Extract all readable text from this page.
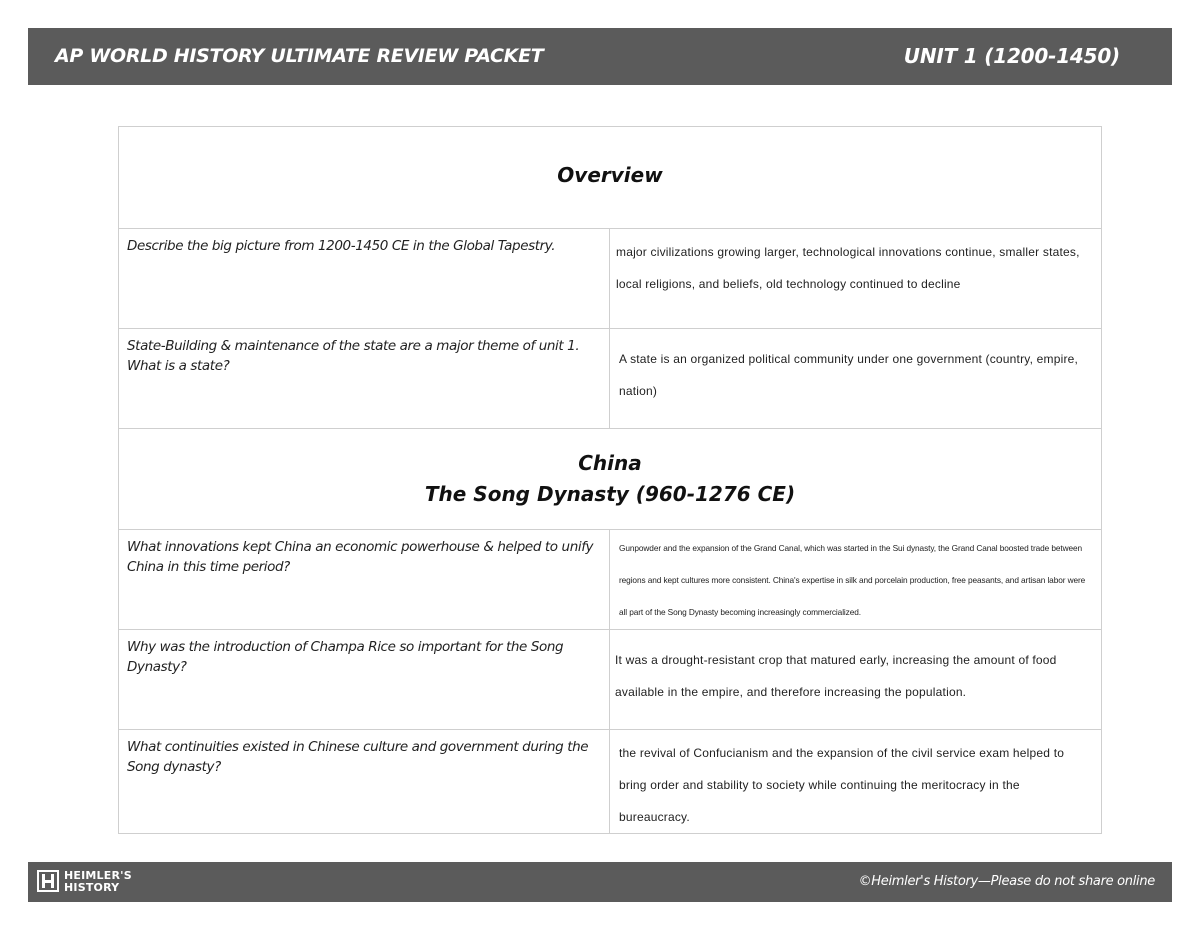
AP WORLD HISTORY ULTIMATE REVIEW PACKET	UNIT 1 (1200-1450)
Overview	

Describe the big picture from 1200-1450 CE in the Global Tapestry.	major civilizations growing larger, technological innovations continue, smaller states, local religions, and beliefs, old technology continued to decline

State-Building & maintenance of the state are a major theme of unit 1. What is a state?	A state is an organized political community under one government (country, empire, nation)

China
The Song Dynasty (960-1276 CE)	

What innovations kept China an economic powerhouse & helped to unify China in this time period?	Gunpowder and the expansion of the Grand Canal, which was started in the Sui dynasty, the Grand Canal boosted trade between regions and kept cultures more consistent. China's expertise in silk and porcelain production, free peasants, and artisan labor were all part of the Song Dynasty becoming increasingly commercialized.

Why was the introduction of Champa Rice so important for the Song Dynasty?	It was a drought-resistant crop that matured early, increasing the amount of food available in the empire, and therefore increasing the population.

What continuities existed in Chinese culture and government during the Song dynasty?	the revival of Confucianism and the expansion of the civil service exam helped to bring order and stability to society while continuing the meritocracy in the bureaucracy.
HEIMLER'S
HISTORY	©Heimler's History—Please do not share online
